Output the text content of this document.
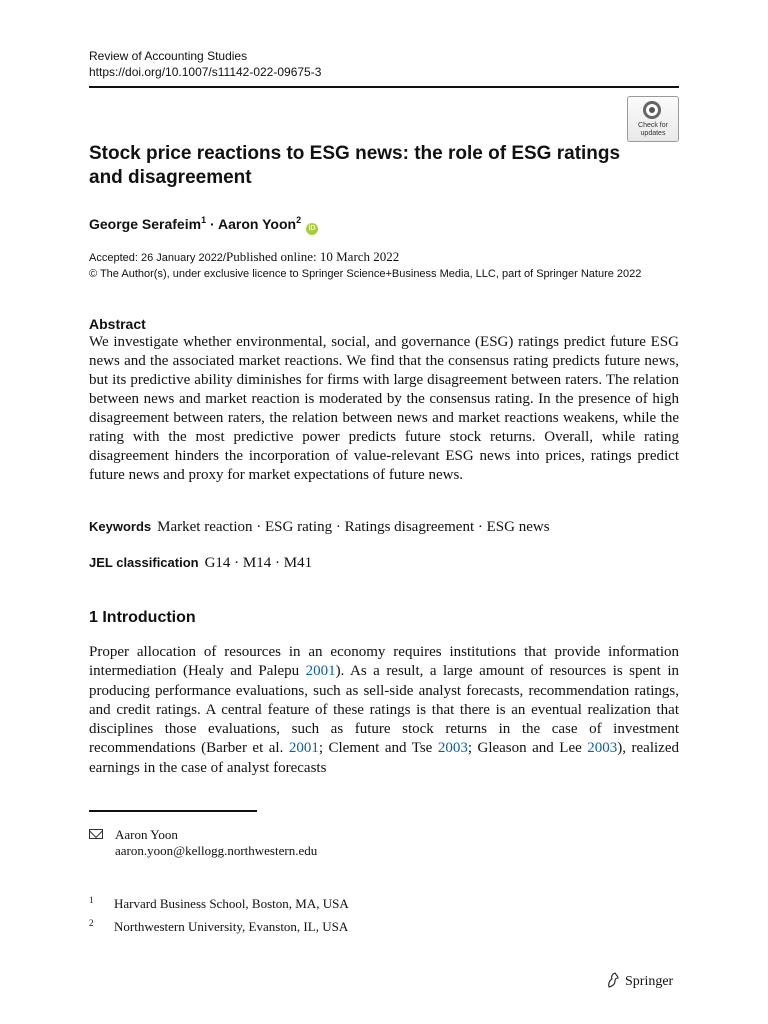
Review of Accounting Studies
https://doi.org/10.1007/s11142-022-09675-3
Check for
updates
Stock price reactions to ESG news: the role of ESG ratings and disagreement
George Serafeim$^1$ · Aaron Yoon$^2$ iD
Accepted: 26 January 2022/Published online: 10 March 2022
© The Author(s), under exclusive licence to Springer Science+Business Media, LLC, part of Springer Nature 2022
Abstract

We investigate whether environmental, social, and governance (ESG) ratings predict future ESG news and the associated market reactions. We find that the consensus rating predicts future news, but its predictive ability diminishes for firms with large disagreement between raters. The relation between news and market reaction is moderated by the consensus rating. In the presence of high disagreement between raters, the relation between news and market reactions weakens, while the rating with the most predictive power predicts future stock returns. Overall, while rating disagreement hinders the incorporation of value-relevant ESG news into prices, ratings predict future news and proxy for market expectations of future news.

Keywords Market reaction · ESG rating · Ratings disagreement · ESG news
JEL classification G14 · M14 · M41
1 Introduction

Proper allocation of resources in an economy requires institutions that provide information intermediation (Healy and Palepu 2001). As a result, a large amount of resources is spent in producing performance evaluations, such as sell-side analyst forecasts, recommendation ratings, and credit ratings. A central feature of these ratings is that there is an eventual realization that disciplines those evaluations, such as future stock returns in the case of investment recommendations (Barber et al. 2001; Clement and Tse 2003; Gleason and Lee 2003), realized earnings in the case of analyst forecasts

Aaron Yoon
aaron.yoon@kellogg.northwestern.edu
1 Harvard Business School, Boston, MA, USA
2 Northwestern University, Evanston, IL, USA
Springer
